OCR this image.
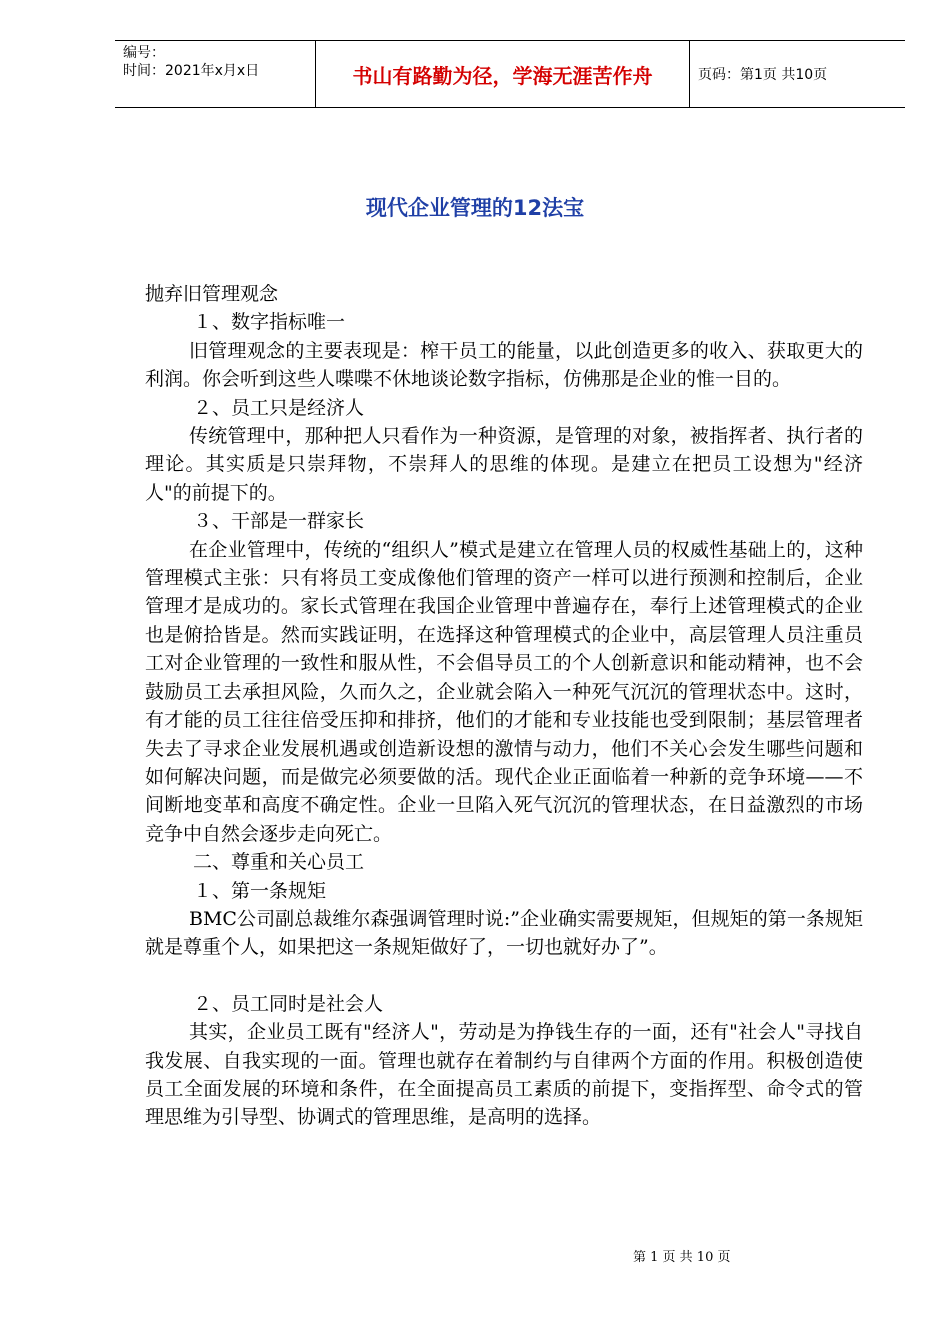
编号：
时间：2021年x月x日	书山有路勤为径，学海无涯苦作舟	页码：第1页 共10页
现代企业管理的12法宝

抛弃旧管理观念

１、数字指标唯一

旧管理观念的主要表现是：榨干员工的能量，以此创造更多的收入、获取更大的利润。你会听到这些人喋喋不休地谈论数字指标，仿佛那是企业的惟一目的。

２、员工只是经济人

传统管理中，那种把人只看作为一种资源，是管理的对象，被指挥者、执行者的理论。其实质是只崇拜物，不崇拜人的思维的体现。是建立在把员工设想为"经济人"的前提下的。

３、干部是一群家长

在企业管理中，传统的“组织人”模式是建立在管理人员的权威性基础上的，这种管理模式主张：只有将员工变成像他们管理的资产一样可以进行预测和控制后，企业管理才是成功的。家长式管理在我国企业管理中普遍存在，奉行上述管理模式的企业也是俯拾皆是。然而实践证明，在选择这种管理模式的企业中，高层管理人员注重员工对企业管理的一致性和服从性，不会倡导员工的个人创新意识和能动精神，也不会鼓励员工去承担风险，久而久之，企业就会陷入一种死气沉沉的管理状态中。这时，有才能的员工往往倍受压抑和排挤，他们的才能和专业技能也受到限制；基层管理者失去了寻求企业发展机遇或创造新设想的激情与动力，他们不关心会发生哪些问题和如何解决问题，而是做完必须要做的活。现代企业正面临着一种新的竞争环境——不间断地变革和高度不确定性。企业一旦陷入死气沉沉的管理状态，在日益激烈的市场竞争中自然会逐步走向死亡。

二、尊重和关心员工

１、第一条规矩

BMC公司副总裁维尔森强调管理时说:”企业确实需要规矩，但规矩的第一条规矩就是尊重个人，如果把这一条规矩做好了，一切也就好办了”。

２、员工同时是社会人

其实，企业员工既有"经济人"，劳动是为挣钱生存的一面，还有"社会人"寻找自我发展、自我实现的一面。管理也就存在着制约与自律两个方面的作用。积极创造使员工全面发展的环境和条件，在全面提高员工素质的前提下，变指挥型、命令式的管理思维为引导型、协调式的管理思维，是高明的选择。

第 1 页 共 10 页
